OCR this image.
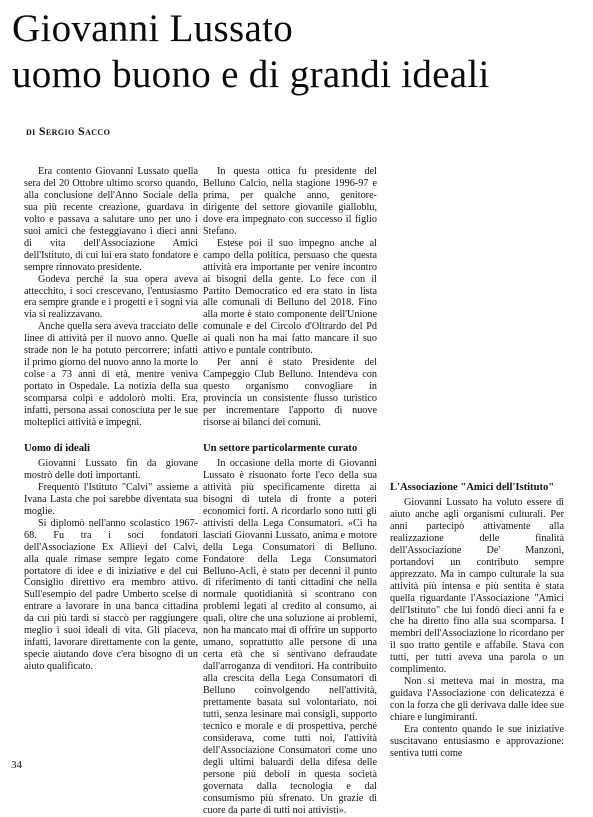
Giovanni Lussato
uomo buono e di grandi ideali
di Sergio Sacco

Era contento Giovanni Lussato quella sera del 20 Ottobre ultimo scorso quando, alla conclusione dell'Anno Sociale della sua più recente creazione, guardava in volto e passava a salutare uno per uno i suoi amici che festeggiavano i dieci anni di vita dell'Associazione Amici dell'Istituto, di cui lui era stato fondatore e sempre rinnovato presidente.

Godeva perché la sua opera aveva attecchito, i soci crescevano, l'entusiasmo era sempre grande e i progetti e i sogni via via si realizzavano.

Anche quella sera aveva tracciato delle linee di attività per il nuovo anno. Quelle strade non le ha potuto percorrere; infatti il primo giorno del nuovo anno la morte lo colse a 73 anni di età, mentre veniva portato in Ospedale. La notizia della sua scomparsa colpì e addolorò molti. Era, infatti, persona assai conosciuta per le sue molteplici attività e impegni.

Uomo di ideali

Giovanni Lussato fin da giovane mostrò delle doti importanti.

Frequentò l'Istituto "Calvi" assieme a Ivana Lasta che poi sarebbe diventata sua moglie.

Si diplomò nell'anno scolastico 1967-68. Fu tra i soci fondatori dell'Associazione Ex Allievi del Calvi, alla quale rimase sempre legato come portatore di idee e di iniziative e del cui Consiglio direttivo era membro attivo. Sull'esempio del padre Umberto scelse di entrare a lavorare in una banca cittadina da cui più tardi si staccò per raggiungere meglio i suoi ideali di vita. Gli piaceva, infatti, lavorare direttamente con la gente, specie aiutando dove c'era bisogno di un aiuto qualificato.

In questa ottica fu presidente del Belluno Calcio, nella stagione 1996-97 e prima, per qualche anno, genitore-dirigente del settore giovanile gialloblu, dove era impegnato con successo il figlio Stefano.

Estese poi il suo impegno anche al campo della politica, persuaso che questa attività era importante per venire incontro ai bisogni della gente. Lo fece con il Partito Democratico ed era stato in lista alle comunali di Belluno del 2018. Fino alla morte è stato componente dell'Unione comunale e del Circolo d'Oltrardo del Pd ai quali non ha mai fatto mancare il suo attivo e puntale contributo.

Per anni è stato Presidente del Campeggio Club Belluno. Intendeva con questo organismo convogliare in provincia un consistente flusso turistico per incrementare l'apporto di nuove risorse ai bilanci dei comuni.

Un settore particolarmente curato

In occasione della morte di Giovanni Lussato è risuonato forte l'eco della sua attività più specificamente diretta ai bisogni di tutela di fronte a poteri economici forti. A ricordarlo sono tutti gli attivisti della Lega Consumatori. «Ci ha lasciati Giovanni Lussato, anima e motore della Lega Consumatori di Belluno. Fondatore della Lega Consumatori Belluno-Acli, è stato per decenni il punto di riferimento di tanti cittadini che nella normale quotidianità si scontrano con problemi legati al credito al consumo, ai quali, oltre che una soluzione ai problemi, non ha mancato mai di offrire un supporto umano, soprattutto alle persone di una certa età che si sentivano defraudate dall'arroganza di venditori. Ha contribuito alla crescita della Lega Consumatori di Belluno coinvolgendo nell'attività, prettamente basata sul volontariato, noi tutti, senza lesinare mai consigli, supporto tecnico e morale e di prospettiva, perché considerava, come tutti noi, l'attività dell'Associazione Consumatori come uno degli ultimi baluardi della difesa delle persone più deboli in questa società governata dalla tecnologia e dal consumismo più sfrenato. Un grazie di cuore da parte di tutti noi attivisti».

L'Associazione "Amici dell'Istituto"

Giovanni Lussato ha voluto essere di aiuto anche agli organismi culturali. Per anni partecipò attivamente alla realizzazione delle finalità dell'Associazione De' Manzoni, portandovi un contributo sempre apprezzato. Ma in campo culturale la sua attività più intensa e più sentita è stata quella riguardante l'Associazione "Amici dell'Istituto" che lui fondò dieci anni fa e che ha diretto fino alla sua scomparsa. I membri dell'Associazione lo ricordano per il suo tratto gentile e affabile. Stava con tutti, per tutti aveva una parola o un complimento.

Non si metteva mai in mostra, ma guidava l'Associazione con delicatezza e con la forza che gli derivava dalle idee sue chiare e lungimiranti.

Era contento quando le sue iniziative suscitavano entusiasmo e approvazione: sentiva tutti come

34
